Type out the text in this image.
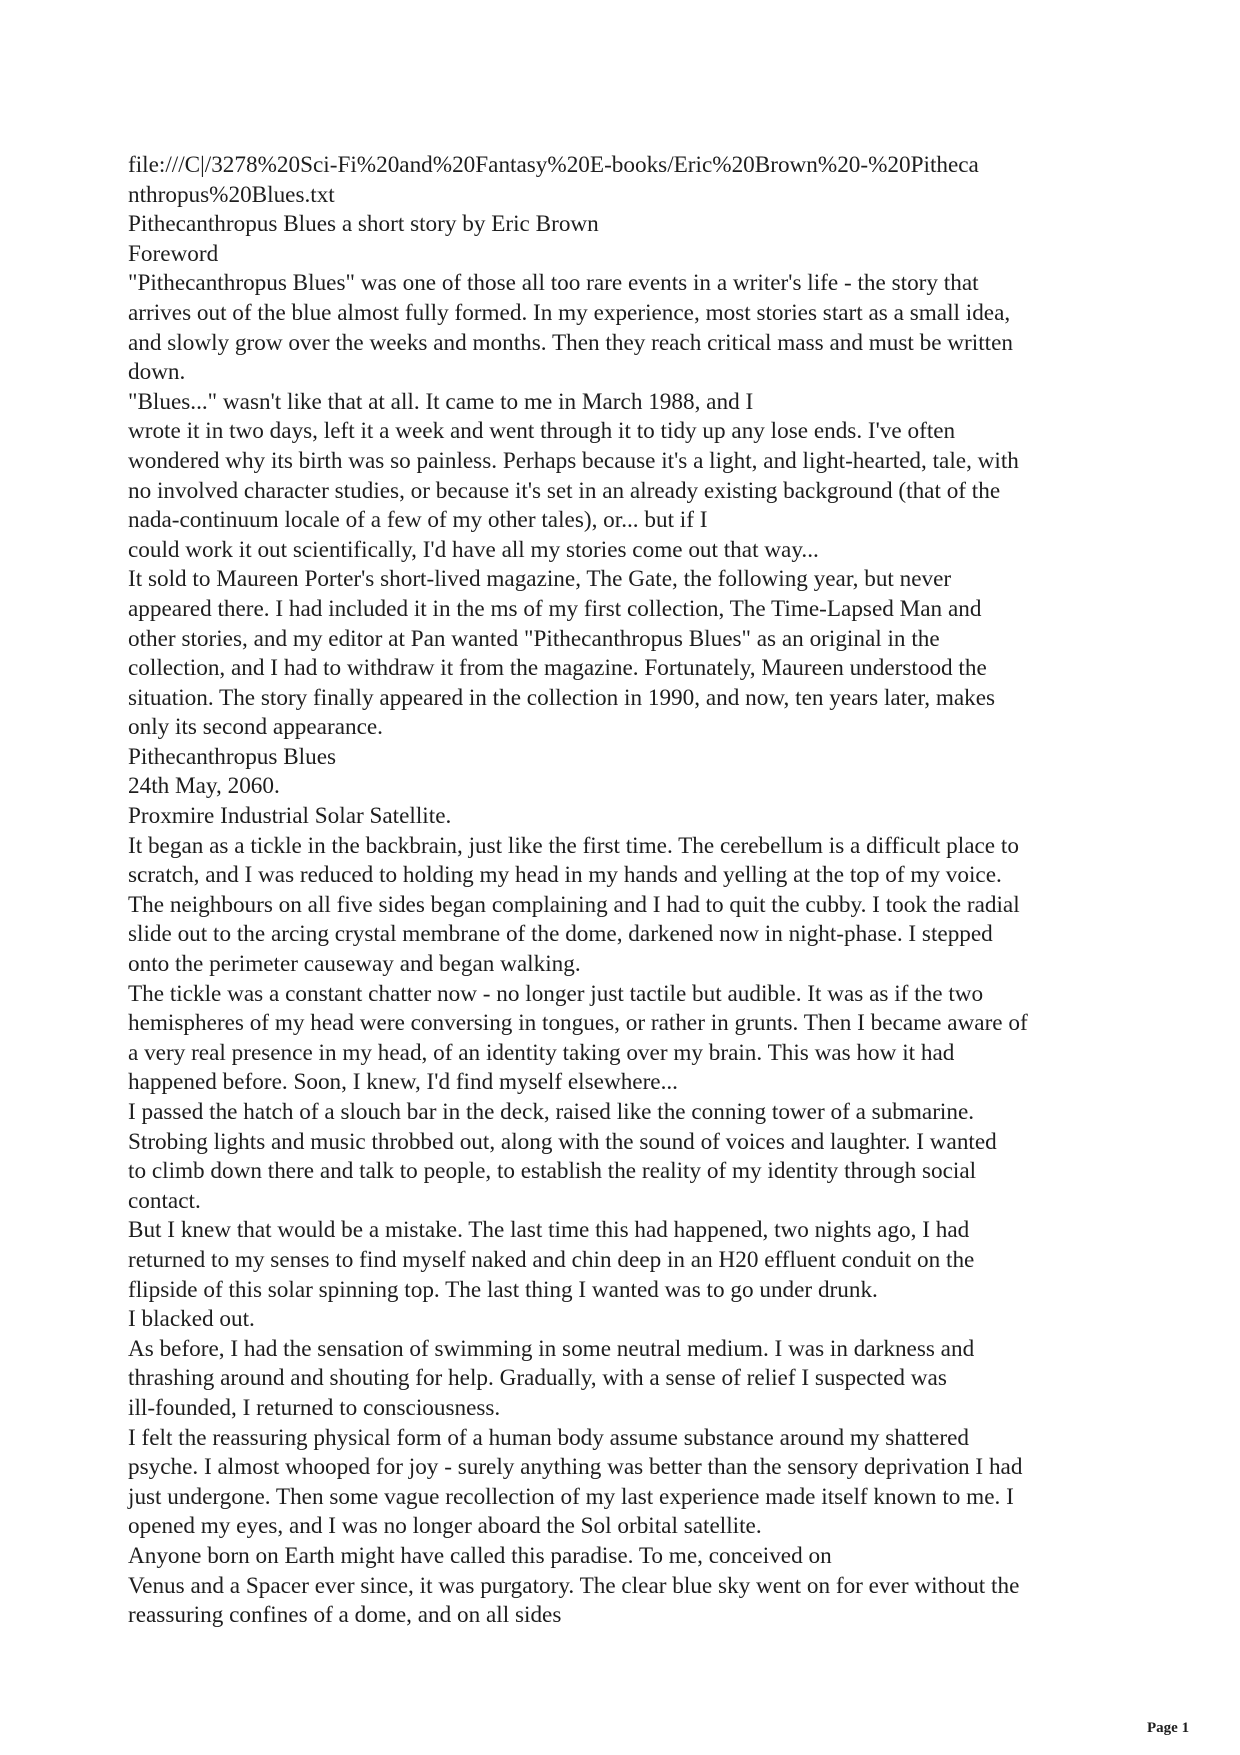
file:///C|/3278%20Sci-Fi%20and%20Fantasy%20E-books/Eric%20Brown%20-%20Pitheca
nthropus%20Blues.txt
Pithecanthropus Blues a short story by Eric Brown
Foreword
"Pithecanthropus Blues" was one of those all too rare events in a writer's life - the story that
arrives out of the blue almost fully formed. In my experience, most stories start as a small idea,
and slowly grow over the weeks and months. Then they reach critical mass and must be written
down.
"Blues..." wasn't like that at all. It came to me in March 1988, and I
wrote it in two days, left it a week and went through it to tidy up any lose ends. I've often
wondered why its birth was so painless. Perhaps because it's a light, and light-hearted, tale, with
no involved character studies, or because it's set in an already existing background (that of the
nada-continuum locale of a few of my other tales), or... but if I
could work it out scientifically, I'd have all my stories come out that way...
It sold to Maureen Porter's short-lived magazine, The Gate, the following year, but never
appeared there. I had included it in the ms of my first collection, The Time-Lapsed Man and
other stories, and my editor at Pan wanted "Pithecanthropus Blues" as an original in the
collection, and I had to withdraw it from the magazine. Fortunately, Maureen understood the
situation. The story finally appeared in the collection in 1990, and now, ten years later, makes
only its second appearance.
Pithecanthropus Blues
24th May, 2060.
Proxmire Industrial Solar Satellite.
It began as a tickle in the backbrain, just like the first time. The cerebellum is a difficult place to
scratch, and I was reduced to holding my head in my hands and yelling at the top of my voice.
The neighbours on all five sides began complaining and I had to quit the cubby. I took the radial
slide out to the arcing crystal membrane of the dome, darkened now in night-phase. I stepped
onto the perimeter causeway and began walking.
The tickle was a constant chatter now - no longer just tactile but audible. It was as if the two
hemispheres of my head were conversing in tongues, or rather in grunts. Then I became aware of
a very real presence in my head, of an identity taking over my brain. This was how it had
happened before. Soon, I knew, I'd find myself elsewhere...
I passed the hatch of a slouch bar in the deck, raised like the conning tower of a submarine.
Strobing lights and music throbbed out, along with the sound of voices and laughter. I wanted
to climb down there and talk to people, to establish the reality of my identity through social
contact.
But I knew that would be a mistake. The last time this had happened, two nights ago, I had
returned to my senses to find myself naked and chin deep in an H20 effluent conduit on the
flipside of this solar spinning top. The last thing I wanted was to go under drunk.
I blacked out.
As before, I had the sensation of swimming in some neutral medium. I was in darkness and
thrashing around and shouting for help. Gradually, with a sense of relief I suspected was
ill-founded, I returned to consciousness.
I felt the reassuring physical form of a human body assume substance around my shattered
psyche. I almost whooped for joy - surely anything was better than the sensory deprivation I had
just undergone. Then some vague recollection of my last experience made itself known to me. I
opened my eyes, and I was no longer aboard the Sol orbital satellite.
Anyone born on Earth might have called this paradise. To me, conceived on
Venus and a Spacer ever since, it was purgatory. The clear blue sky went on for ever without the
reassuring confines of a dome, and on all sides
Page 1
